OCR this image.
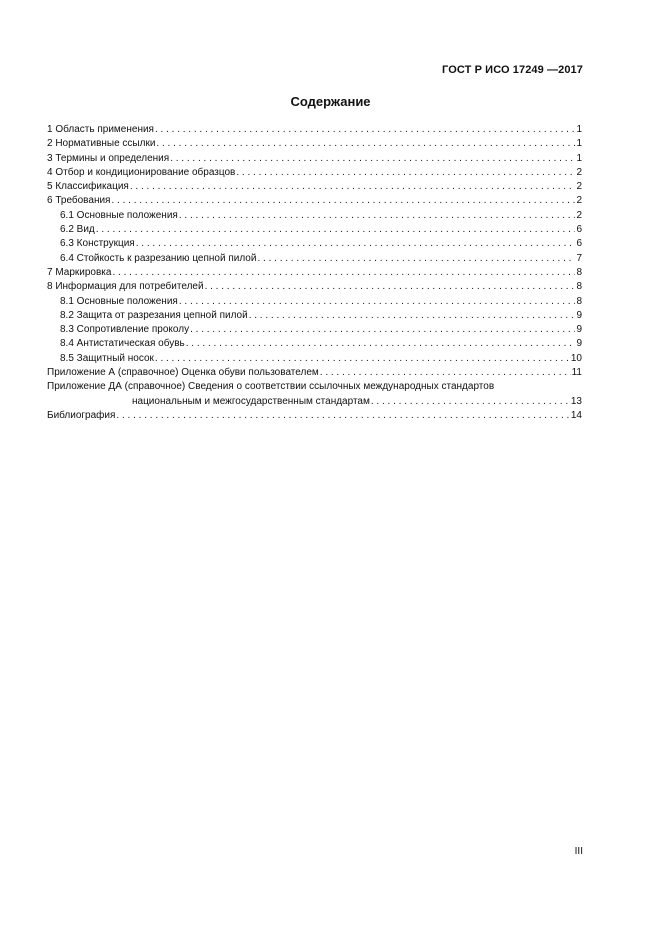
ГОСТ Р ИСО 17249 —2017
Содержание
1 Область применения . . .	1
2 Нормативные ссылки . . .	1
3 Термины и определения . . .	1
4 Отбор и кондиционирование образцов . . .	2
5 Классификация . . .	2
6 Требования . . .	2
6.1 Основные положения . . .	2
6.2 Вид . . .	6
6.3 Конструкция . . .	6
6.4 Стойкость к разрезанию цепной пилой . . .	7
7 Маркировка . . .	8
8 Информация для потребителей . . .	8
8.1 Основные положения . . .	8
8.2 Защита от разрезания цепной пилой . . .	9
8.3 Сопротивление проколу . . .	9
8.4 Антистатическая обувь . . .	9
8.5 Защитный носок . . .	10
Приложение А (справочное) Оценка обуви пользователем . . .	11
Приложение ДА (справочное) Сведения о соответствии ссылочных международных стандартов
национальным и межгосударственным стандартам . . .	13
Библиография . . .	14
III
